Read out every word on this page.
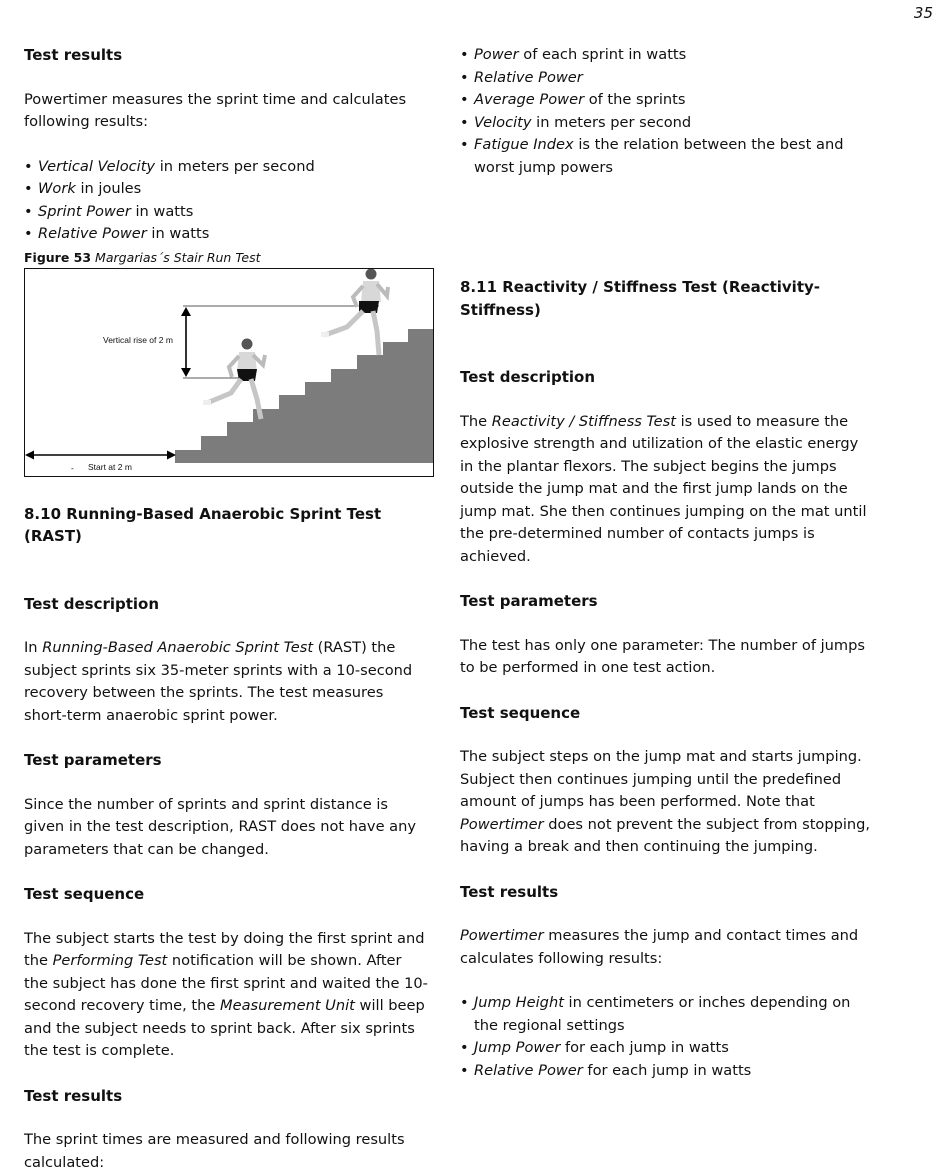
35
Test results

Powertimer measures the sprint time and calculates following results:

• Vertical Velocity in meters per second
• Work in joules
• Sprint Power in watts
• Relative Power in watts
Figure 53 Margarias´s Stair Run Test
Vertical rise of 2 m
- Start at 2 m
8.10 Running-Based Anaerobic Sprint Test (RAST)
Test description

In Running-Based Anaerobic Sprint Test (RAST) the subject sprints six 35-meter sprints with a 10-second recovery between the sprints. The test measures short-term anaerobic sprint power.

Test parameters

Since the number of sprints and sprint distance is given in the test description, RAST does not have any parameters that can be changed.

Test sequence

The subject starts the test by doing the first sprint and the Performing Test notification will be shown. After the subject has done the first sprint and waited the 10-second recovery time, the Measurement Unit will beep and the subject needs to sprint back. After six sprints the test is complete.

Test results

The sprint times are measured and following results calculated:

• Power of each sprint in watts
• Relative Power
• Average Power of the sprints
• Velocity in meters per second
• Fatigue Index is the relation between the best and worst jump powers
8.11 Reactivity / Stiffness Test (Reactivity-Stiffness)
Test description

The Reactivity / Stiffness Test is used to measure the explosive strength and utilization of the elastic energy in the plantar flexors. The subject begins the jumps outside the jump mat and the first jump lands on the jump mat. She then continues jumping on the mat until the pre-determined number of contacts jumps is achieved.

Test parameters

The test has only one parameter: The number of jumps to be performed in one test action.

Test sequence

The subject steps on the jump mat and starts jumping. Subject then continues jumping until the predefined amount of jumps has been performed. Note that Powertimer does not prevent the subject from stopping, having a break and then continuing the jumping.

Test results

Powertimer measures the jump and contact times and calculates following results:

• Jump Height in centimeters or inches depending on the regional settings
• Jump Power for each jump in watts
• Relative Power for each jump in watts
